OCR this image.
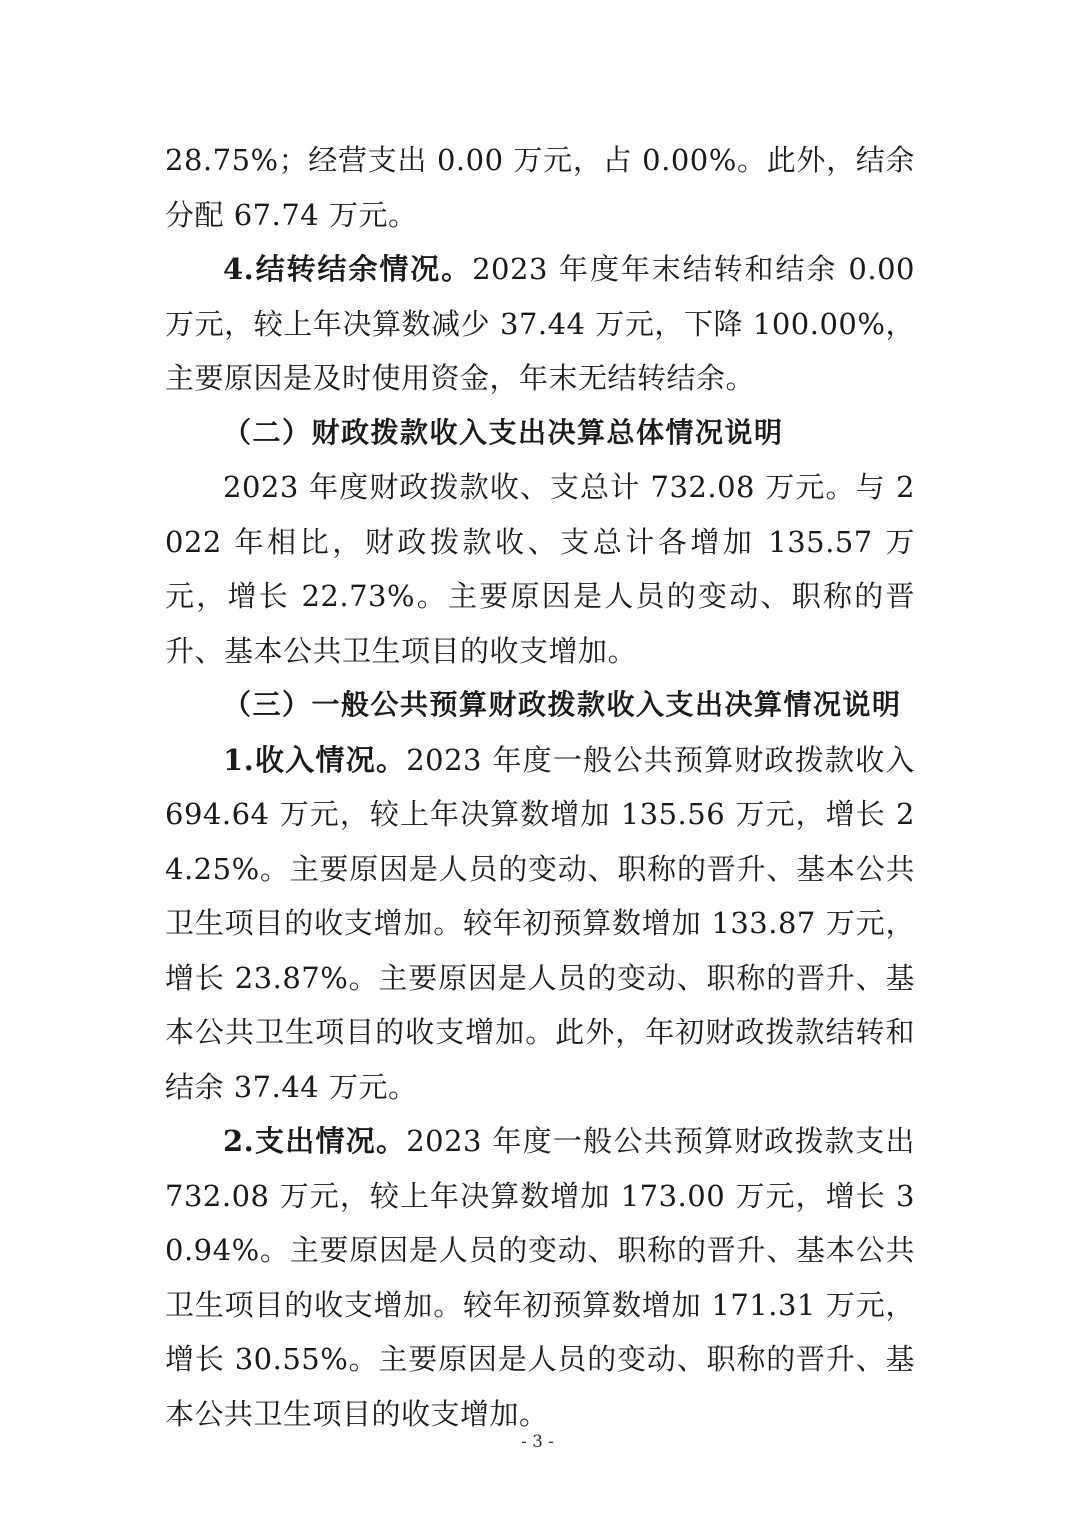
28.75%；经营支出 0.00 万元，占 0.00%。此外，结余分配 67.74 万元。

4.结转结余情况。2023 年度年末结转和结余 0.00 万元，较上年决算数减少 37.44 万元，下降 100.00%，主要原因是及时使用资金，年末无结转结余。

（二）财政拨款收入支出决算总体情况说明

2023 年度财政拨款收、支总计 732.08 万元。与 2022 年相比，财政拨款收、支总计各增加 135.57 万元，增长 22.73%。主要原因是人员的变动、职称的晋升、基本公共卫生项目的收支增加。

（三）一般公共预算财政拨款收入支出决算情况说明

1.收入情况。2023 年度一般公共预算财政拨款收入 694.64 万元，较上年决算数增加 135.56 万元，增长 24.25%。主要原因是人员的变动、职称的晋升、基本公共卫生项目的收支增加。较年初预算数增加 133.87 万元，增长 23.87%。主要原因是人员的变动、职称的晋升、基本公共卫生项目的收支增加。此外，年初财政拨款结转和结余 37.44 万元。

2.支出情况。2023 年度一般公共预算财政拨款支出 732.08 万元，较上年决算数增加 173.00 万元，增长 30.94%。主要原因是人员的变动、职称的晋升、基本公共卫生项目的收支增加。较年初预算数增加 171.31 万元，增长 30.55%。主要原因是人员的变动、职称的晋升、基本公共卫生项目的收支增加。

- 3 -
